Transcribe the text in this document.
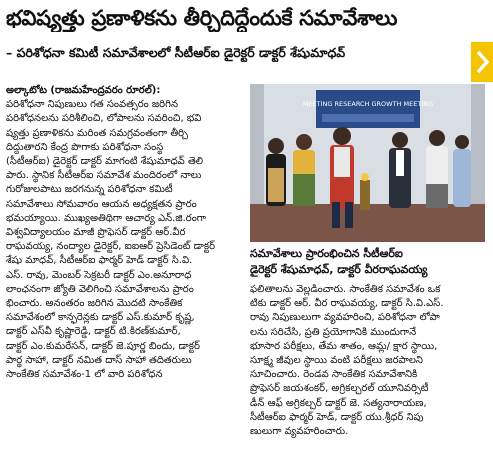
భవిష్యత్తు ప్రణాళికను తీర్చిదిద్దేందుకే సమావేశాలు
– పరిశోధనా కమిటీ సమావేశాలలో సీటీఆర్‌ఐ డైరెక్టర్ డాక్టర్ శేషుమాధవ్
అల్కాటోట (రాజమహేంద్రవరం రూరల్):
పరిశోధనా నిపుణులు గత సంవత్సరం జరిగిన
పరిశోధనలను పరిశీలించి, లోపాలను సవరించి, భవి
ష్యత్తు ప్రణాళికను మరింత సమగ్రవంతంగా తీర్చి
దిద్దుతారని కేంద్ర పొగాకు పరిశోధనా సంస్థ
(సీటీఆర్ఐ) డైరెక్టర్ డాక్టర్ మాగంటి శేషుమాధవ్ తెలి
పారు. స్థానిక సీటీఆర్ఐ సమావేశ మందిరంలో నాలు
గురోజులపాటు జరగనున్న పరిశోధనా కమిటీ
సమావేశాలు సోమవారం ఆయన అధ్యక్షతన ప్రారం
భమయ్యాయి. ముఖ్యఅతిథిగా ఆచార్య ఎన్.జి.రంగా
విశ్వవిద్యాలయం మాజీ ప్రొఫెసర్ డాక్టర్ ఆర్.వీర
రాఘవయ్య, నంద్యాల డైరెక్టర్, ఐఐఆర్ ప్రెసిడెంట్ డాక్టర్
శేషు మాధవ్, సీటీఆర్ఐ ఫార్మర్ హెడ్ డాక్టర్ సి.వి.
ఎస్. రావు, మెంబర్ సెక్రటరీ డాక్టర్ ఎం.అనూరాధ
లాంఛనంగా జ్యోతి వెలిగించి సమావేశాలను ప్రారం
భించారు. అనంతరం జరిగిన మొదటి సాంకేతిక
సమావేశంలో కాన్ఫరెన్లకు డాక్టర్ ఎస్.కుమార్ కృష్ణ,
డాక్టర్ ఎస్‌వీ కృష్ణారెడ్డి, డాక్టర్ టి.కిరణ్‌కుమార్,
డాక్టర్ ఎం.కుమరేసన్, డాక్టర్ జె.పూర్ణ బిందు, డాక్టర్
పార్థ సాహా, డాక్టర్ నమిత దాస్ సాహా తదితరులు
సాంకేతిక సమావేశం-1 లో వారి పరిశోధన
MEETING RESEARCH GROWTH MEETING
సమావేశాలు ప్రారంభించిన సీటీఆర్‌ఐ
డైరెక్టర్ శేషుమాధవ్, డాక్టర్ వీరరాఘవయ్య
ఫలితాలను వెల్లడించారు. సాంకేతిక సమావేశం ఒక
టికు డాక్టర్ ఆర్. వీర రాఘవయ్య, డాక్టర్ సి.వి.ఎస్.
రావు నిపుణులుగా వ్యవహరించి, పరిశోధనా లోపా
లను సరిచేసి, ప్రతి ప్రయోగానికి ముందుగానే
భూసార పరీక్షలు, తేమ శాతం, ఆమ్ల/ క్షార స్థాయి,
సూక్ష్మ జీవుల స్థాయి వంటి పరీక్షలు జరపాలని
సూచించారు. రెండవ సాంకేతిక సమావేశానికి
ప్రొఫెసర్ జయశంకర్, అగ్రికల్చరల్ యూనివర్సిటీ
డీన్ ఆఫ్ అగ్రికల్చర్ డాక్టర్ జె. సత్యనారాయణ,
సీటీఆర్ఐ ఫార్మర్ హెడ్, డాక్టర్ యు.శ్రీధర్ నిపు
ణులుగా వ్యవహరించారు.
